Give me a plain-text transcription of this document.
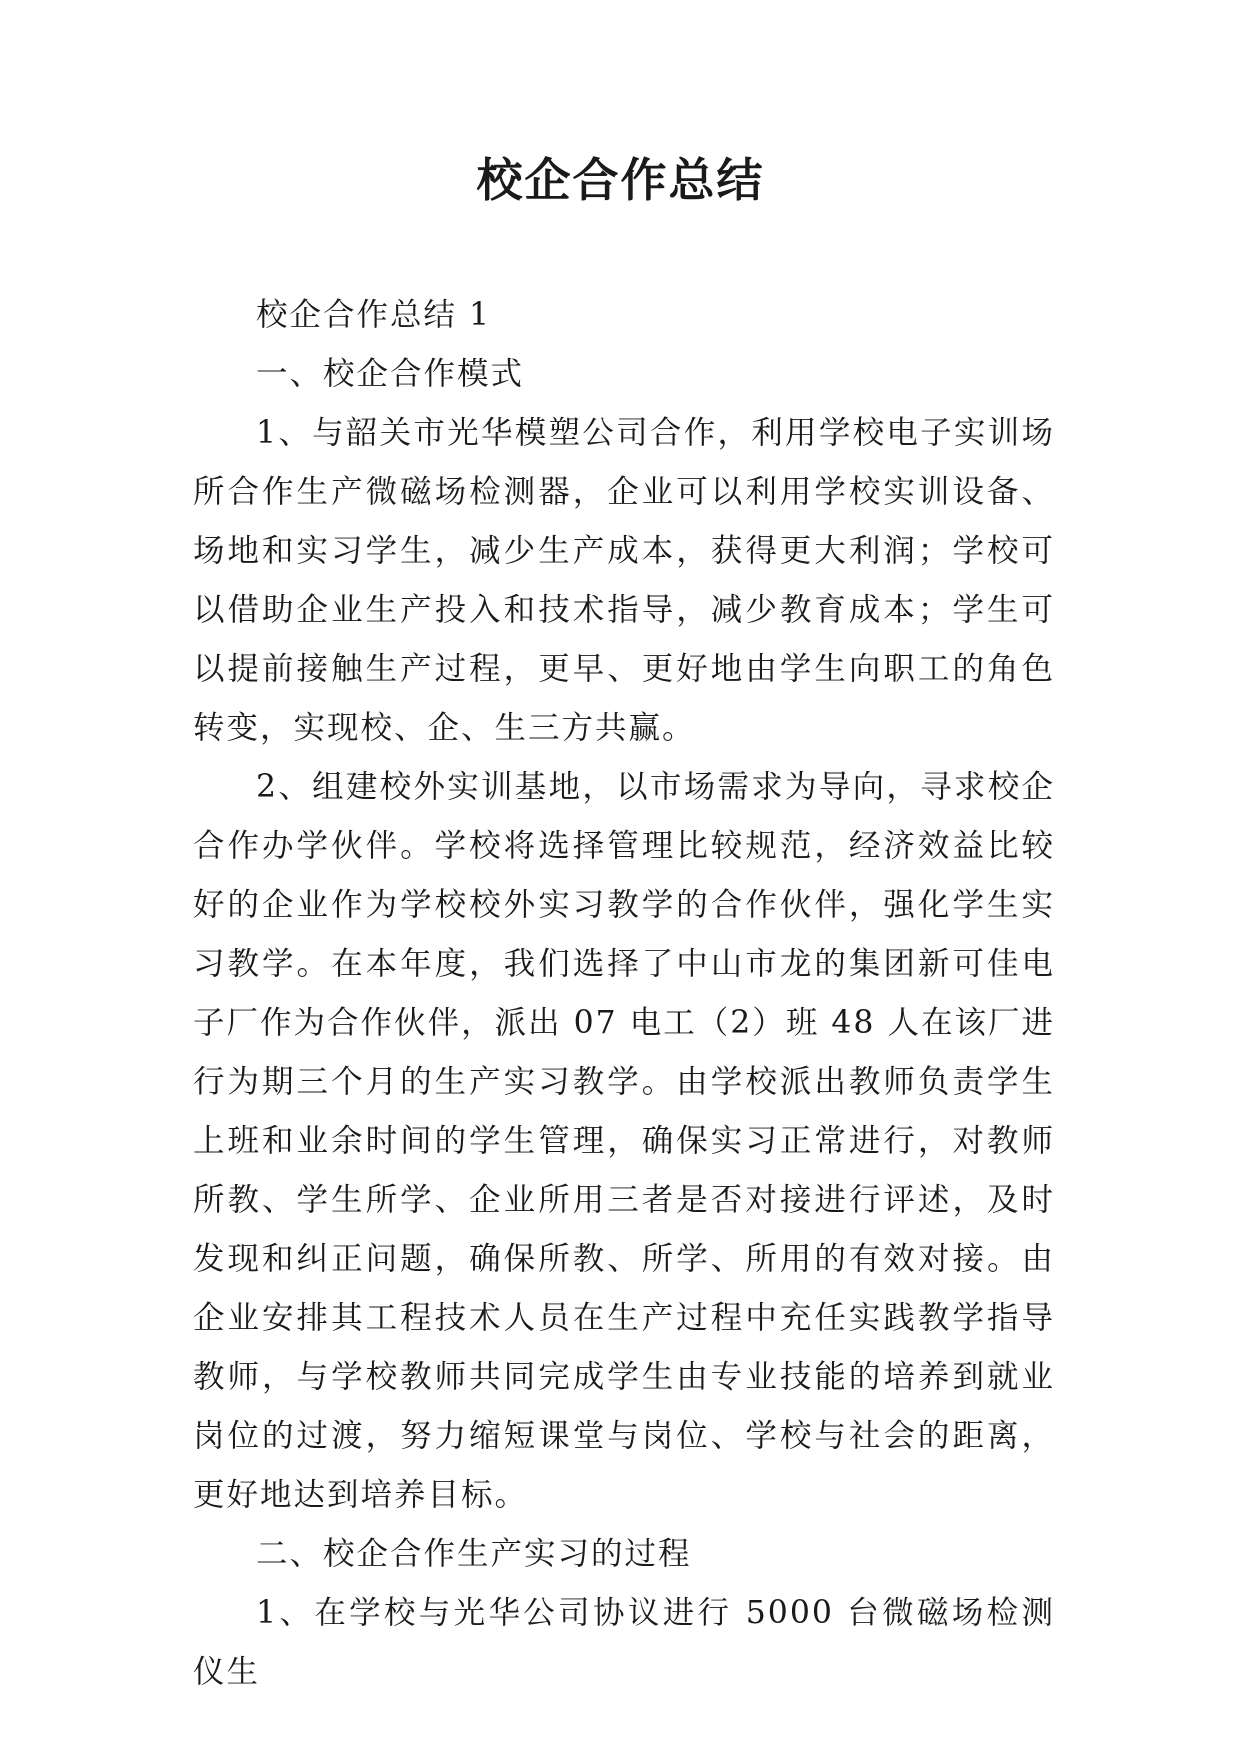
校企合作总结

校企合作总结 1

一、校企合作模式

1、与韶关市光华模塑公司合作，利用学校电子实训场所合作生产微磁场检测器，企业可以利用学校实训设备、场地和实习学生，减少生产成本，获得更大利润；学校可以借助企业生产投入和技术指导，减少教育成本；学生可以提前接触生产过程，更早、更好地由学生向职工的角色转变，实现校、企、生三方共赢。

2、组建校外实训基地，以市场需求为导向，寻求校企合作办学伙伴。学校将选择管理比较规范，经济效益比较好的企业作为学校校外实习教学的合作伙伴，强化学生实习教学。在本年度，我们选择了中山市龙的集团新可佳电子厂作为合作伙伴，派出 07 电工（2）班 48 人在该厂进行为期三个月的生产实习教学。由学校派出教师负责学生上班和业余时间的学生管理，确保实习正常进行，对教师所教、学生所学、企业所用三者是否对接进行评述，及时发现和纠正问题，确保所教、所学、所用的有效对接。由企业安排其工程技术人员在生产过程中充任实践教学指导教师，与学校教师共同完成学生由专业技能的培养到就业岗位的过渡，努力缩短课堂与岗位、学校与社会的距离，更好地达到培养目标。

二、校企合作生产实习的过程

1、在学校与光华公司协议进行 5000 台微磁场检测仪生
